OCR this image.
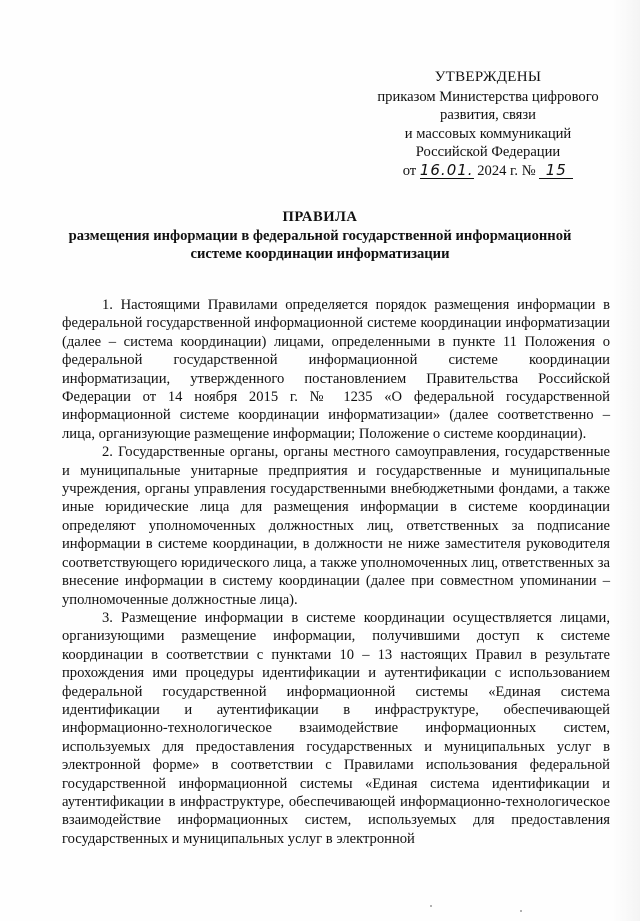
УТВЕРЖДЕНЫ
приказом Министерства цифрового
развития, связи
и массовых коммуникаций
Российской Федерации
от 16.01. 2024 г. № 15
ПРАВИЛА
размещения информации в федеральной государственной информационной
системе координации информатизации

1. Настоящими Правилами определяется порядок размещения информации в федеральной государственной информационной системе координации информатизации (далее – система координации) лицами, определенными в пункте 11 Положения о федеральной государственной информационной системе координации информатизации, утвержденного постановлением Правительства Российской Федерации от 14 ноября 2015 г. № 1235 «О федеральной государственной информационной системе координации информатизации» (далее соответственно – лица, организующие размещение информации; Положение о системе координации).

2. Государственные органы, органы местного самоуправления, государственные и муниципальные унитарные предприятия и государственные и муниципальные учреждения, органы управления государственными внебюджетными фондами, а также иные юридические лица для размещения информации в системе координации определяют уполномоченных должностных лиц, ответственных за подписание информации в системе координации, в должности не ниже заместителя руководителя соответствующего юридического лица, а также уполномоченных лиц, ответственных за внесение информации в систему координации (далее при совместном упоминании – уполномоченные должностные лица).

3. Размещение информации в системе координации осуществляется лицами, организующими размещение информации, получившими доступ к системе координации в соответствии с пунктами 10 – 13 настоящих Правил в результате прохождения ими процедуры идентификации и аутентификации с использованием федеральной государственной информационной системы «Единая система идентификации и аутентификации в инфраструктуре, обеспечивающей информационно-технологическое взаимодействие информационных систем, используемых для предоставления государственных и муниципальных услуг в электронной форме» в соответствии с Правилами использования федеральной государственной информационной системы «Единая система идентификации и аутентификации в инфраструктуре, обеспечивающей информационно-технологическое взаимодействие информационных систем, используемых для предоставления государственных и муниципальных услуг в электронной
